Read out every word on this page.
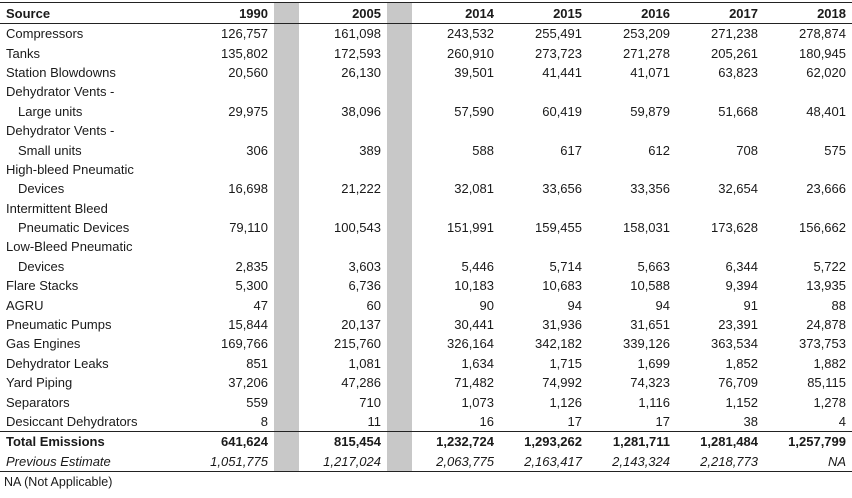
Source	1990		2005		2014	2015	2016	2017	2018
Compressors	126,757		161,098		243,532	255,491	253,209	271,238	278,874
Tanks	135,802		172,593		260,910	273,723	271,278	205,261	180,945
Station Blowdowns	20,560		26,130		39,501	41,441	41,071	63,823	62,020
Dehydrator Vents -									
Large units	29,975		38,096		57,590	60,419	59,879	51,668	48,401
Dehydrator Vents -									
Small units	306		389		588	617	612	708	575
High-bleed Pneumatic									
Devices	16,698		21,222		32,081	33,656	33,356	32,654	23,666
Intermittent Bleed									
Pneumatic Devices	79,110		100,543		151,991	159,455	158,031	173,628	156,662
Low-Bleed Pneumatic									
Devices	2,835		3,603		5,446	5,714	5,663	6,344	5,722
Flare Stacks	5,300		6,736		10,183	10,683	10,588	9,394	13,935
AGRU	47		60		90	94	94	91	88
Pneumatic Pumps	15,844		20,137		30,441	31,936	31,651	23,391	24,878
Gas Engines	169,766		215,760		326,164	342,182	339,126	363,534	373,753
Dehydrator Leaks	851		1,081		1,634	1,715	1,699	1,852	1,882
Yard Piping	37,206		47,286		71,482	74,992	74,323	76,709	85,115
Separators	559		710		1,073	1,126	1,116	1,152	1,278
Desiccant Dehydrators	8		11		16	17	17	38	4
Total Emissions	641,624		815,454		1,232,724	1,293,262	1,281,711	1,281,484	1,257,799
Previous Estimate	1,051,775		1,217,024		2,063,775	2,163,417	2,143,324	2,218,773	NA
NA (Not Applicable)
